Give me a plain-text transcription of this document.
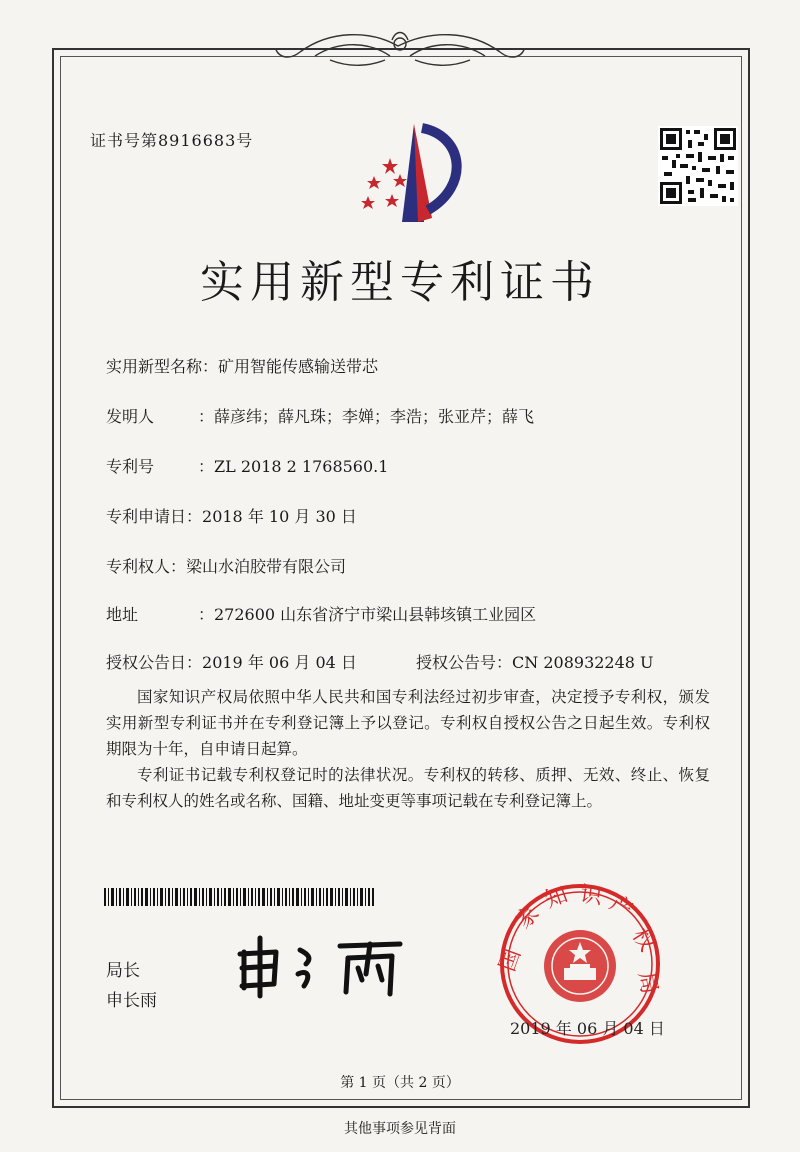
证书号第8916683号
实用新型专利证书
实用新型名称：矿用智能传感输送带芯
发明人	：薛彦纬；薛凡珠；李婵；李浩；张亚芹；薛飞
专利号	：ZL 2018 2 1768560.1
专利申请日：2018 年 10 月 30 日
专利权人：梁山水泊胶带有限公司
地址	：272600 山东省济宁市梁山县韩垓镇工业园区
授权公告日：2019 年 06 月 04 日	授权公告号：CN 208932248 U
国家知识产权局依照中华人民共和国专利法经过初步审查，决定授予专利权，颁发实用新型专利证书并在专利登记簿上予以登记。专利权自授权公告之日起生效。专利权期限为十年，自申请日起算。
专利证书记载专利权登记时的法律状况。专利权的转移、质押、无效、终止、恢复和专利权人的姓名或名称、国籍、地址变更等事项记载在专利登记簿上。
局长
申长雨
国
家
知 识 产
权
局
2019 年 06 月 04 日
第 1 页（共 2 页）
其他事项参见背面
